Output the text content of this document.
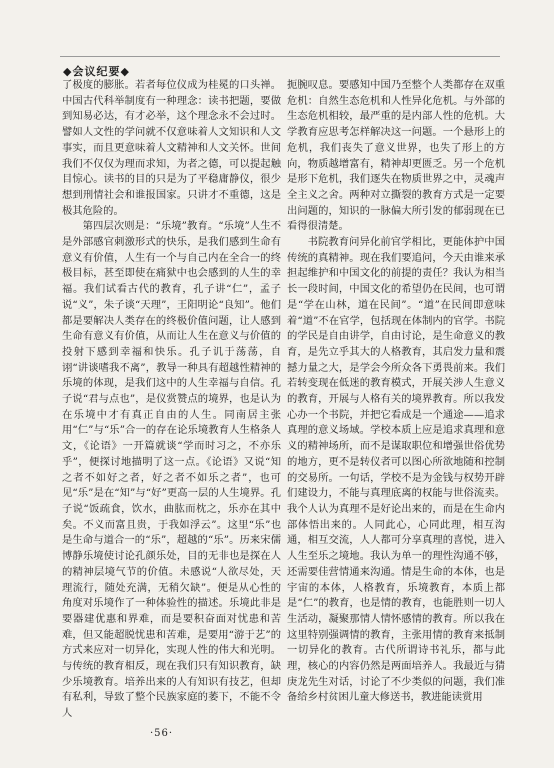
◆会议纪要◆

了极度的膨胀。若者每位仪成为桂冕的口头禅。中国古代科举制度有一种理念：读书把题，要做到知易必达，有才必举，这个理念永不会过时。譬如人文性的学问就不仅意味着人文知识和人文事实，而且更意味着人文精神和人文关怀。世间我们不仅仅为理而求知，为者之德，可以提起触目惊心。读书的目的只是为了平稳庸静仪，很少想到刑情社会和谁报国家。只讲才不重德，这是极其危险的。

第四层次则是：“乐境”教育。“乐境”人生不是外部感官刺激形式的快乐，是我们感到生命有意义有价值，人生有一个与自己内在全合一的终极目标，甚至即使在痛狱中也会感到的人生的幸福。我们试看古代的教育，孔子讲“仁”，孟子说“义”，朱子谈“天理”，王阳明论“良知”。他们都是要解决人类存在的终极价值问题，让人感到生命有意义有价值，从而让人生在意义与价值的投射下感到幸福和快乐。孔子讥于荡荡，自诩“讲谈嗜我不离”，教导一种具有超越性精神的乐境的体现，是我们这中的人生幸福与自信。孔子说“君与点也”，是仪赏赞点的境界，也是认为在乐境中才有真正自由的人生。同南居主张用“仁”与“乐”合一的存在论乐境教育人生格条人文，《论语》一开篇就谈“学而时习之，不亦乐乎”，便探讨地描明了这一点。《论语》又说“知之者不如好之者，好之者不如乐之者”，也可见“乐”是在“知”与“好”更高一层的人生境界。孔子说“饭疏食，饮水，曲肱而枕之，乐亦在其中矣。不义而富且贵，于我如浮云”。这里“乐”也是生命与道合一的“乐”，超越的“乐”。历来宋儒博静乐境使讨论孔颜乐处，目的无非也是探在人的精神层境气节的价值。未感说“人欲尽处，天理流行，随处充满，无稍欠缺”。便是从心性的角度对乐境作了一种体验性的描述。乐境此非是要器建优惠和界难，而是要积奋面对忧患和苦难，但又能超脱忧患和苦难，是要用“游于艺”的方式来应对一切异化，实现人性的伟大和光明。与传统的教育相反，现在我们只有知识教育，缺少乐境教育。培养出来的人有知识有技艺，但却有私利，导致了整个民族家庭的萎下，不能不令人

扼腕叹息。要感知中国乃至整个人类都存在双重危机：自然生态危机和人性异化危机。与外部的生态危机相较，最严重的是内部人性的危机。大学教育应思考怎样解决这一问题。一个悬形上的危机，我们丧失了意义世界，也失了形上的方向，物质越增富有，精神却更匮乏。另一个危机是形下危机，我们逐失在物质世界之中，灵魂声全主义之舍。两种对立撕裂的教育方式是一定要出问题的，知识的一脉偏大所引发的郁弱现在已看得很清楚。

书院教育问异化前官学相比，更能体护中国传统的真精神。现在我们要追问，今天由谁来承担起维护和中国文化的前提的责任？我认为相当长一段时间，中国文化的希望仍在民间，也可谓是“学在山林，道在民间”。“道”在民间即意味着“道”不在官学，包括现在体制内的官学。书院的学民是自由讲学，自由讨论，是生命意义的教育，是先立乎其大的人格教育，其启发力量和震撼力量之大，是学会今所众各下勇畏前来。我们若转变现在低迷的教育模式，开展关涉人生意义的教育，开展与人格有关的境界教育。所以我发心办一个书院，并把它看成是一个通途——追求真理的意义场域。学校本质上应是追求真理和意义的精神场所，而不是谋取职位和增强世俗优势的地方，更不是转仪者可以图心所欲地随和控制的交易所。一句话，学校不是为金钱与权势开辟们建设力，不能与真理底离的权能与世俗流卖。我个人认为真理不是好论出来的，而是在生命内部体悟出来的。人同此心，心同此理，相互沟通，相互交流，人人都可分享真理的喜悦，进入人生至乐之境地。我认为单一的理性沟通不够，还需要佳营情通来沟通。情是生命的本体，也是宇宙的本体，人格教育，乐境教育，本质上都是“仁”的教育，也是情的教育，也能胜则一切人生活动，凝聚那情人情怀感情的教育。所以我在这里特别强调情的教育，主张用情的教育来抵制一切异化的教育。古代所谓诗书礼乐，都与此理，核心的内容仍然是两面培养人。我最近与猜庚龙先生对话，讨论了不少类似的问题，我们准备给乡村贫困儿童大修送书，教进能读赏用

·56·
